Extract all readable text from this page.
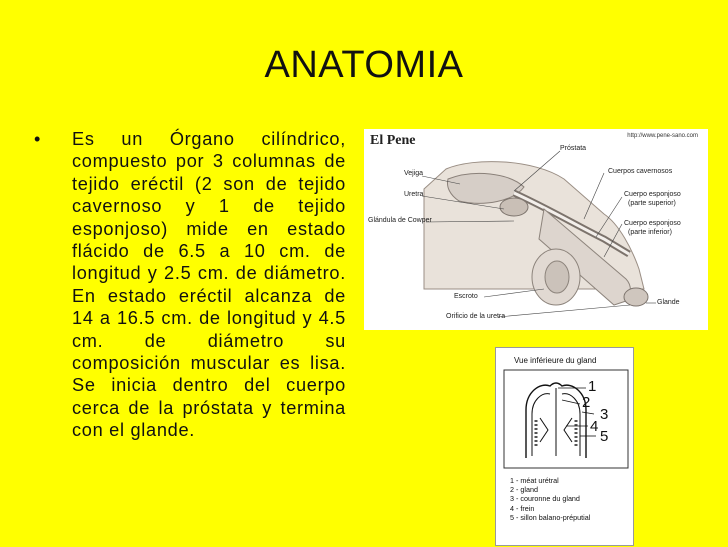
ANATOMIA
• Es un Órgano cilíndrico, compuesto por 3 columnas de tejido eréctil (2 son de tejido cavernoso y 1 de tejido esponjoso) mide en estado flácido de 6.5 a 10 cm. de longitud y 2.5 cm. de diámetro. En estado eréctil alcanza de 14 a 16.5 cm. de longitud y 4.5 cm. de diámetro su composición muscular es lisa. Se inicia dentro del cuerpo cerca de la próstata y termina con el glande.

El Pene	http://www.pene-sano.com
Próstata
Vejiga	Cuerpos cavernosos
Uretra	Cuerpo esponjoso
(parte superior)
Glándula de Cowper	Cuerpo esponjoso
(parte inferior)
Escroto
Glande
Orificio de la uretra
Vue inférieure du gland
1
2
3
4
5
1 - méat urétral
2 - gland
3 - couronne du gland
4 - frein
5 - sillon balano-préputial
